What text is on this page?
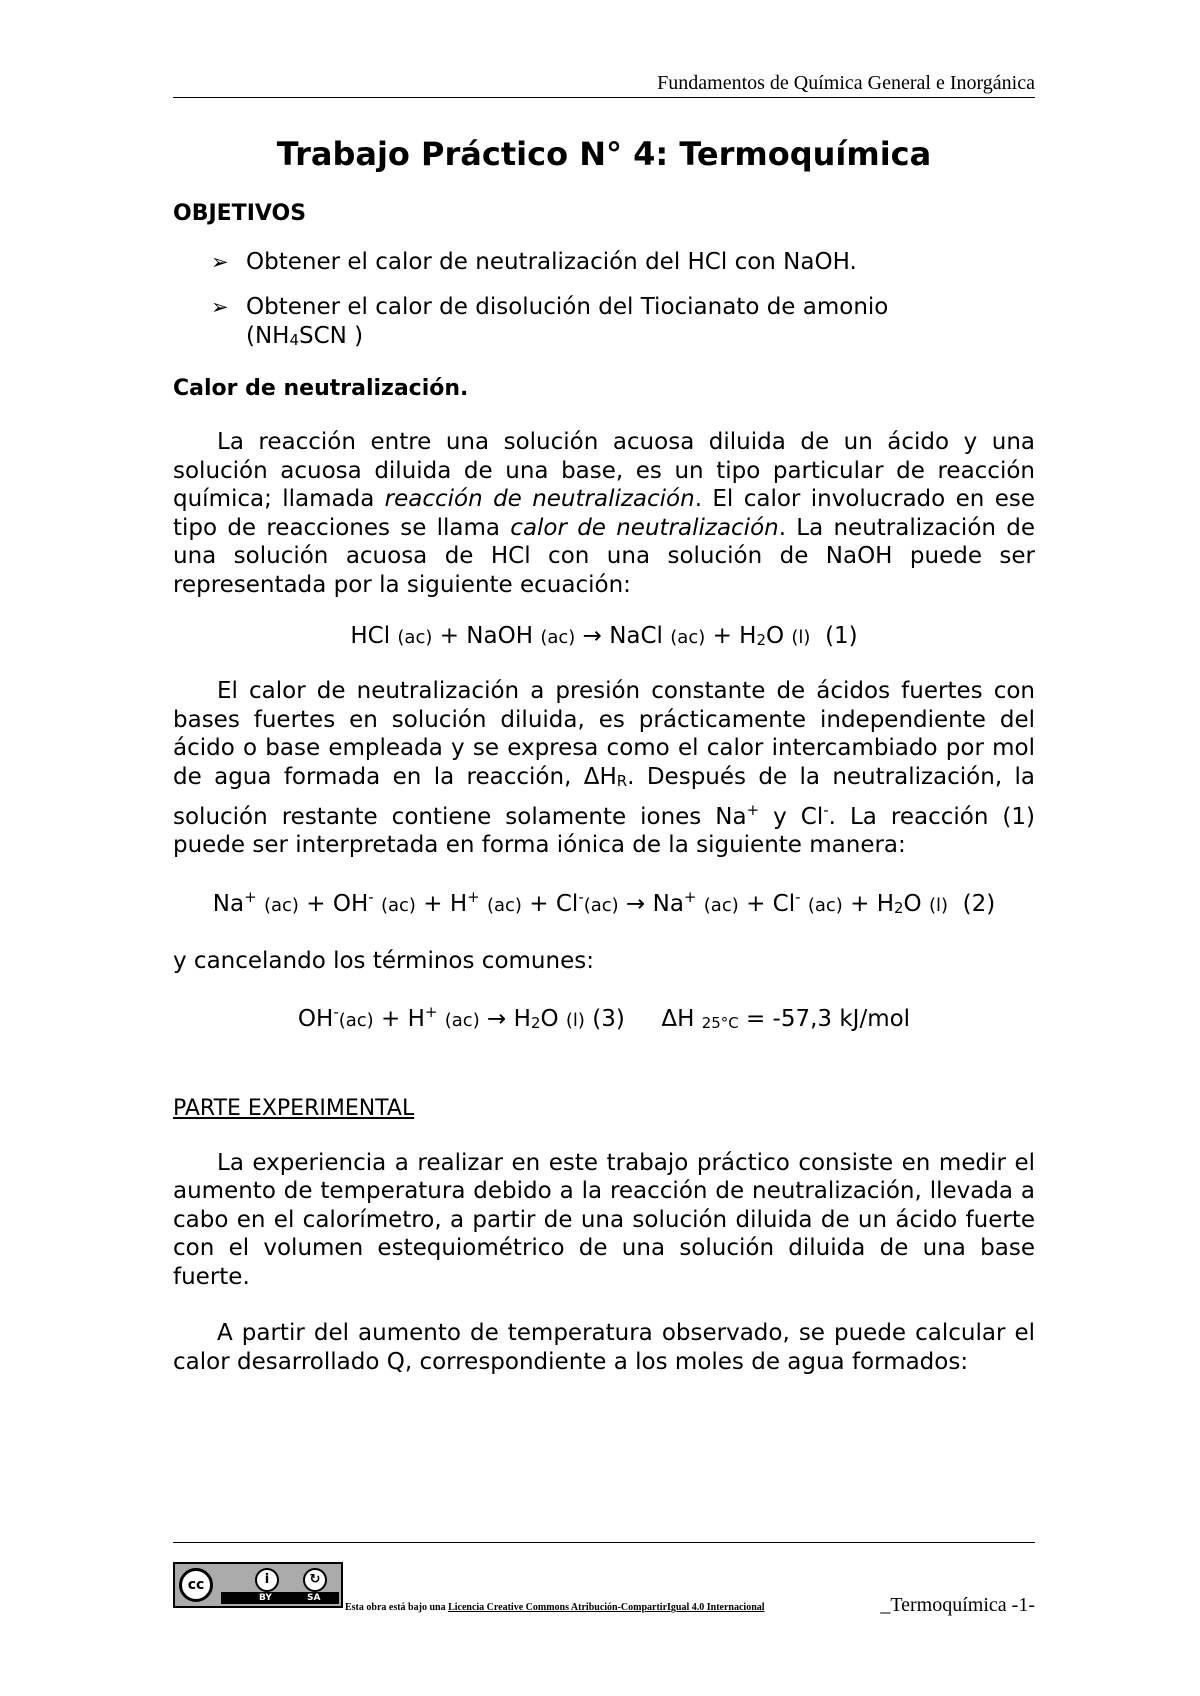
Fundamentos de Química General e Inorgánica
Trabajo Práctico N° 4: Termoquímica
OBJETIVOS
➢ Obtener el calor de neutralización del HCl con NaOH.
➢ Obtener el calor de disolución del Tiocianato de amonio
(NH4SCN )
Calor de neutralización.

La reacción entre una solución acuosa diluida de un ácido y una solución acuosa diluida de una base, es un tipo particular de reacción química; llamada reacción de neutralización. El calor involucrado en ese tipo de reacciones se llama calor de neutralización. La neutralización de una solución acuosa de HCl con una solución de NaOH puede ser representada por la siguiente ecuación:

HCl (ac) + NaOH (ac) → NaCl (ac) + H2O (l) (1)

El calor de neutralización a presión constante de ácidos fuertes con bases fuertes en solución diluida, es prácticamente independiente del ácido o base empleada y se expresa como el calor intercambiado por mol de agua formada en la reacción, ΔHR. Después de la neutralización, la solución restante contiene solamente iones Na+ y Cl-. La reacción (1) puede ser interpretada en forma iónica de la siguiente manera:

Na+ (ac) + OH- (ac) + H+ (ac) + Cl-(ac) → Na+ (ac) + Cl- (ac) + H2O (l) (2)

y cancelando los términos comunes:

OH-(ac) + H+ (ac) → H2O (l) (3) ΔH 25°C = -57,3 kJ/mol

PARTE EXPERIMENTAL

La experiencia a realizar en este trabajo práctico consiste en medir el aumento de temperatura debido a la reacción de neutralización, llevada a cabo en el calorímetro, a partir de una solución diluida de un ácido fuerte con el volumen estequiométrico de una solución diluida de una base fuerte.

A partir del aumento de temperatura observado, se puede calcular el calor desarrollado Q, correspondiente a los moles de agua formados:

cc	i	↻
BY	SA
Esta obra está bajo una Licencia Creative Commons Atribución-CompartirIgual 4.0 Internacional	_Termoquímica -1-
